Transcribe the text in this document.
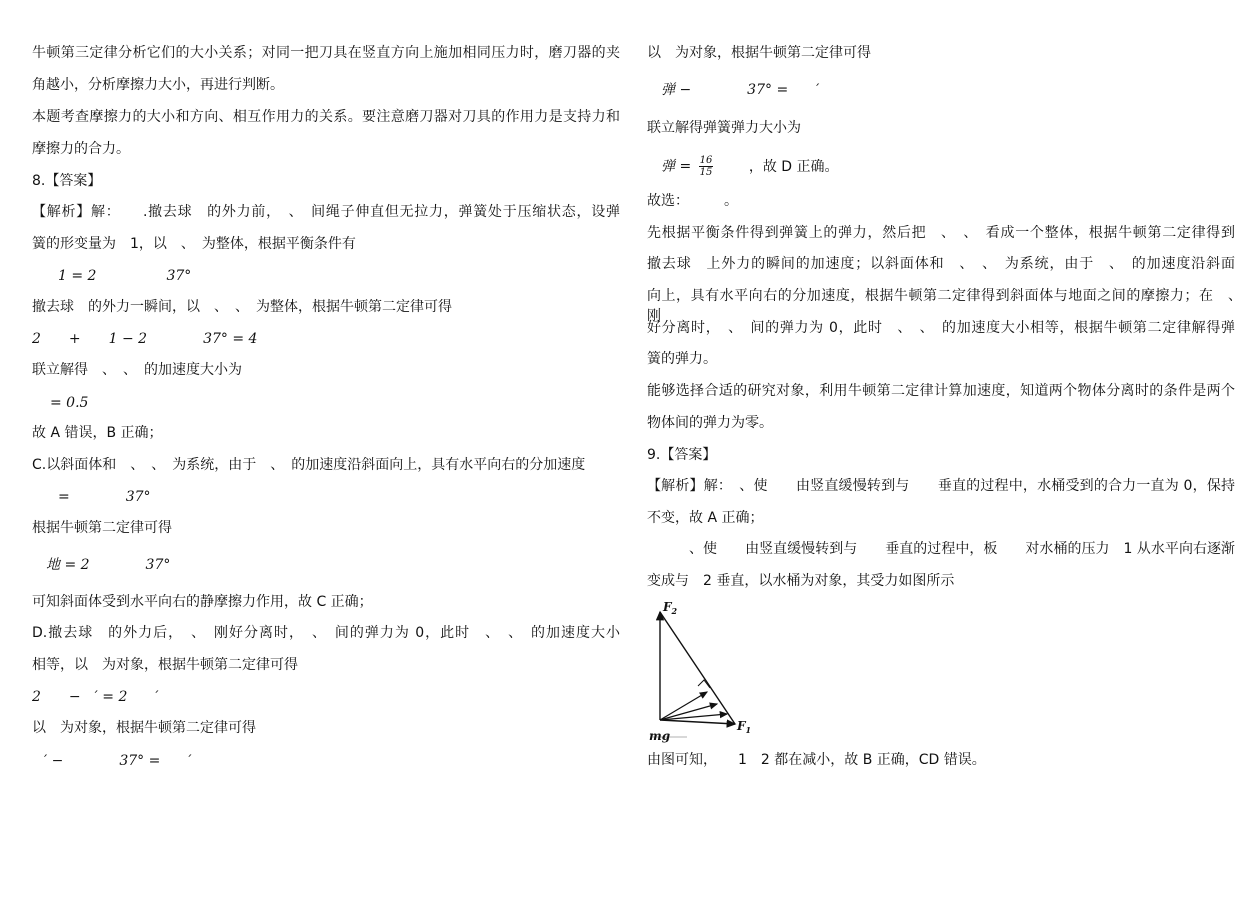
牛顿第三定律分析它们的大小关系；对同一把刀具在竖直方向上施加相同压力时，磨刀器的夹
角越小，分析摩擦力大小，再进行判断。
本题考查摩擦力的大小和方向、相互作用力的关系。要注意磨刀器对刀具的作用力是支持力和
摩擦力的合力。
8.【答案】
【解析】解：　　.撤去球　的外力前，　、　间绳子伸直但无拉力，弹簧处于压缩状态，设弹
簧的形变量为　1，以　、　为整体，根据平衡条件有
1 = 2　　　　　37°
撤去球　的外力一瞬间，以　、　、　为整体，根据牛顿第二定律可得
2　　+　　1 − 2　　　　37° = 4
联立解得　、　、　的加速度大小为
= 0.5
故 A 错误，B 正确；
C.以斜面体和　、　、　为系统，由于　、　的加速度沿斜面向上，具有水平向右的分加速度
=　　　　37°
根据牛顿第二定律可得
地 = 2　　　　37°
可知斜面体受到水平向右的静摩擦力作用，故 C 正确；
D.撤去球　的外力后，　、　刚好分离时，　、　间的弹力为 0，此时　、　、　的加速度大小
相等，以　为对象，根据牛顿第二定律可得
2　　−　′ = 2　　′
以　为对象，根据牛顿第二定律可得
′ −　　　　37° =　　′
以　为对象，根据牛顿第二定律可得
弹 −　　　　37° =　　′
联立解得弹簧弹力大小为
弹 = $\frac{16}{15}$	，故 D 正确。
故选：　　　。
先根据平衡条件得到弹簧上的弹力，然后把　、　、　看成一个整体，根据牛顿第二定律得到
撤去球　上外力的瞬间的加速度；以斜面体和　、　、　为系统，由于　、　的加速度沿斜面
向上，具有水平向右的分加速度，根据牛顿第二定律得到斜面体与地面之间的摩擦力；在　、　刚
好分离时，　、　间的弹力为 0，此时　、　、　的加速度大小相等，根据牛顿第二定律解得弹
簧的弹力。
能够选择合适的研究对象，利用牛顿第二定律计算加速度，知道两个物体分离时的条件是两个
物体间的弹力为零。
9.【答案】
【解析】解：　、使　　由竖直缓慢转到与　　垂直的过程中，水桶受到的合力一直为 0，保持
不变，故 A 正确；
　　　、使　　由竖直缓慢转到与　　垂直的过程中，板　　对水桶的压力　1 从水平向右逐渐
变成与　2 垂直，以水桶为对象，其受力如图所示
$F_2$
$F_1$
mg
由图可知，　　1　2 都在减小，故 B 正确，CD 错误。
